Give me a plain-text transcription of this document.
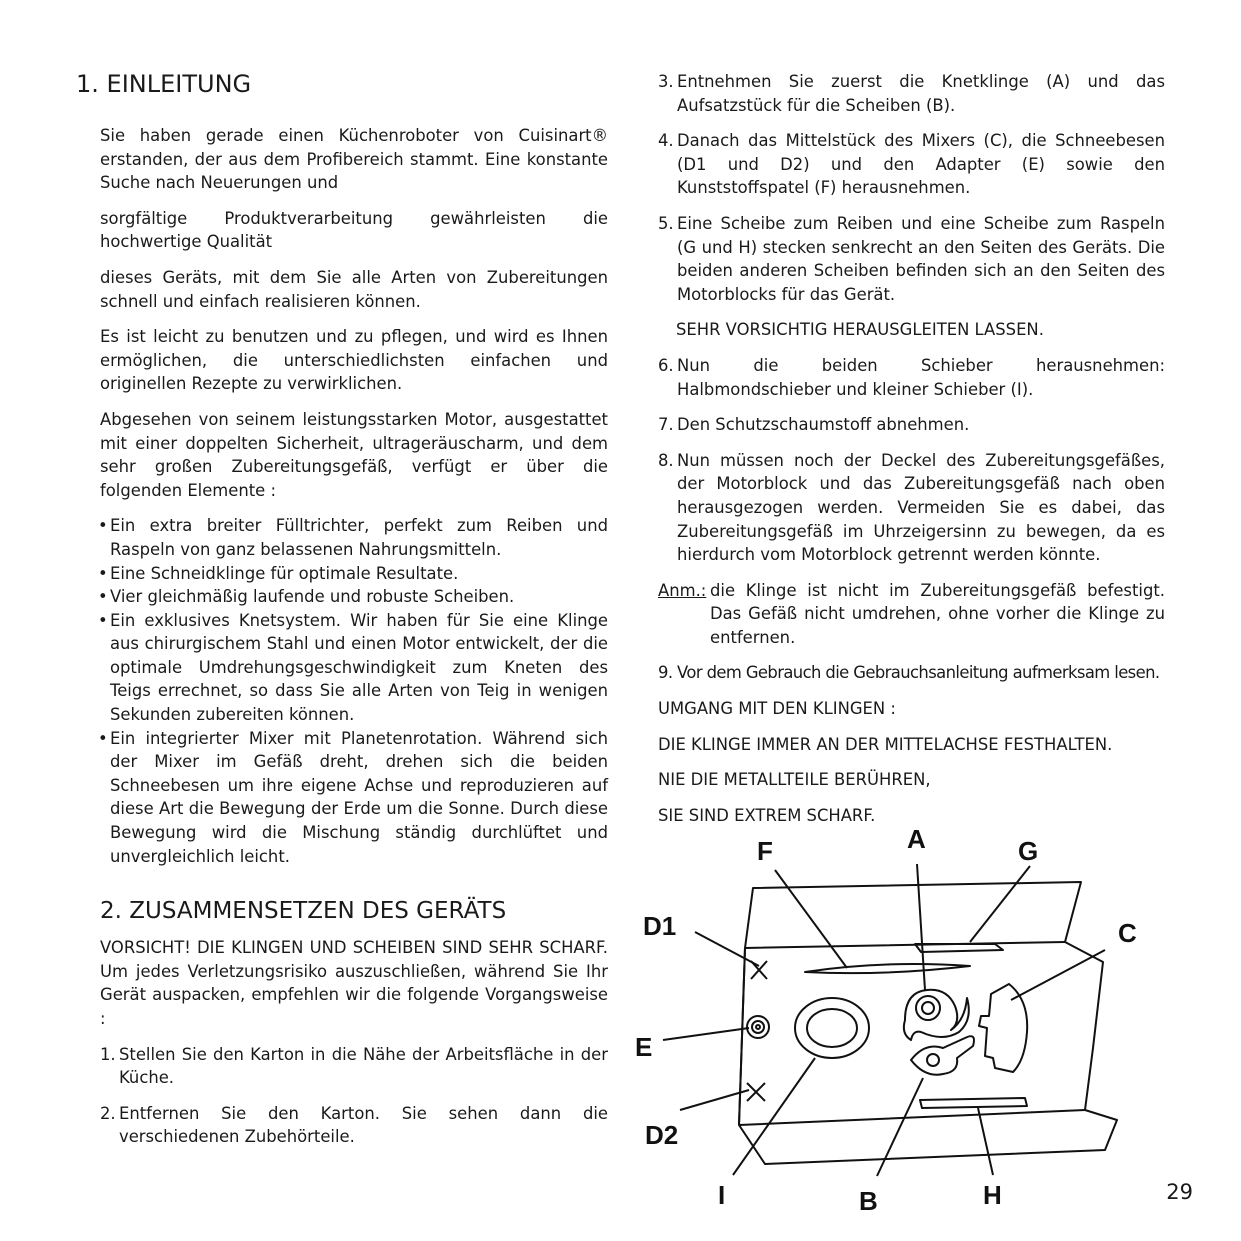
1. EINLEITUNG

Sie haben gerade einen Küchenroboter von Cuisinart® erstanden, der aus dem Profibereich stammt. Eine konstante Suche nach Neuerungen und

sorgfältige Produktverarbeitung gewährleisten die hochwertige Qualität

dieses Geräts, mit dem Sie alle Arten von Zubereitungen schnell und einfach realisieren können.

Es ist leicht zu benutzen und zu pflegen, und wird es Ihnen ermöglichen, die unterschiedlichsten einfachen und originellen Rezepte zu verwirklichen.

Abgesehen von seinem leistungsstarken Motor, ausgestattet mit einer doppelten Sicherheit, ultrageräuscharm, und dem sehr großen Zubereitungsgefäß, verfügt er über die folgenden Elemente :

• Ein extra breiter Fülltrichter, perfekt zum Reiben und Raspeln von ganz belassenen Nahrungsmitteln.
• Eine Schneidklinge für optimale Resultate.
• Vier gleichmäßig laufende und robuste Scheiben.
• Ein exklusives Knetsystem. Wir haben für Sie eine Klinge aus chirurgischem Stahl und einen Motor entwickelt, der die optimale Umdrehungsgeschwindigkeit zum Kneten des Teigs errechnet, so dass Sie alle Arten von Teig in wenigen Sekunden zubereiten können.
• Ein integrierter Mixer mit Planetenrotation. Während sich der Mixer im Gefäß dreht, drehen sich die beiden Schneebesen um ihre eigene Achse und reproduzieren auf diese Art die Bewegung der Erde um die Sonne. Durch diese Bewegung wird die Mischung ständig durchlüftet und unvergleichlich leicht.
2. ZUSAMMENSETZEN DES GERÄTS

VORSICHT! DIE KLINGEN UND SCHEIBEN SIND SEHR SCHARF. Um jedes Verletzungsrisiko auszuschließen, während Sie Ihr Gerät auspacken, empfehlen wir die folgende Vorgangsweise :

1. Stellen Sie den Karton in die Nähe der Arbeitsfläche in der Küche.
2. Entfernen Sie den Karton. Sie sehen dann die verschiedenen Zubehörteile.
3. Entnehmen Sie zuerst die Knetklinge (A) und das Aufsatzstück für die Scheiben (B).
4. Danach das Mittelstück des Mixers (C), die Schneebesen (D1 und D2) und den Adapter (E) sowie den Kunststoffspatel (F) herausnehmen.
5. Eine Scheibe zum Reiben und eine Scheibe zum Raspeln (G und H) stecken senkrecht an den Seiten des Geräts. Die beiden anderen Scheiben befinden sich an den Seiten des Motorblocks für das Gerät.

SEHR VORSICHTIG HERAUSGLEITEN LASSEN.

6. Nun die beiden Schieber herausnehmen: Halbmondschieber und kleiner Schieber (I).
7. Den Schutzschaumstoff abnehmen.
8. Nun müssen noch der Deckel des Zubereitungsgefäßes, der Motorblock und das Zubereitungsgefäß nach oben herausgezogen werden. Vermeiden Sie es dabei, das Zubereitungsgefäß im Uhrzeigersinn zu bewegen, da es hierdurch vom Motorblock getrennt werden könnte.
Anm.: die Klinge ist nicht im Zubereitungsgefäß befestigt. Das Gefäß nicht umdrehen, ohne vorher die Klinge zu entfernen.

9. Vor dem Gebrauch die Gebrauchsanleitung aufmerksam lesen.

UMGANG MIT DEN KLINGEN :

DIE KLINGE IMMER AN DER MITTELACHSE FESTHALTEN.

NIE DIE METALLTEILE BERÜHREN,

SIE SIND EXTREM SCHARF.

A
F	G
C
D1
E
D2
I	B	H	29
